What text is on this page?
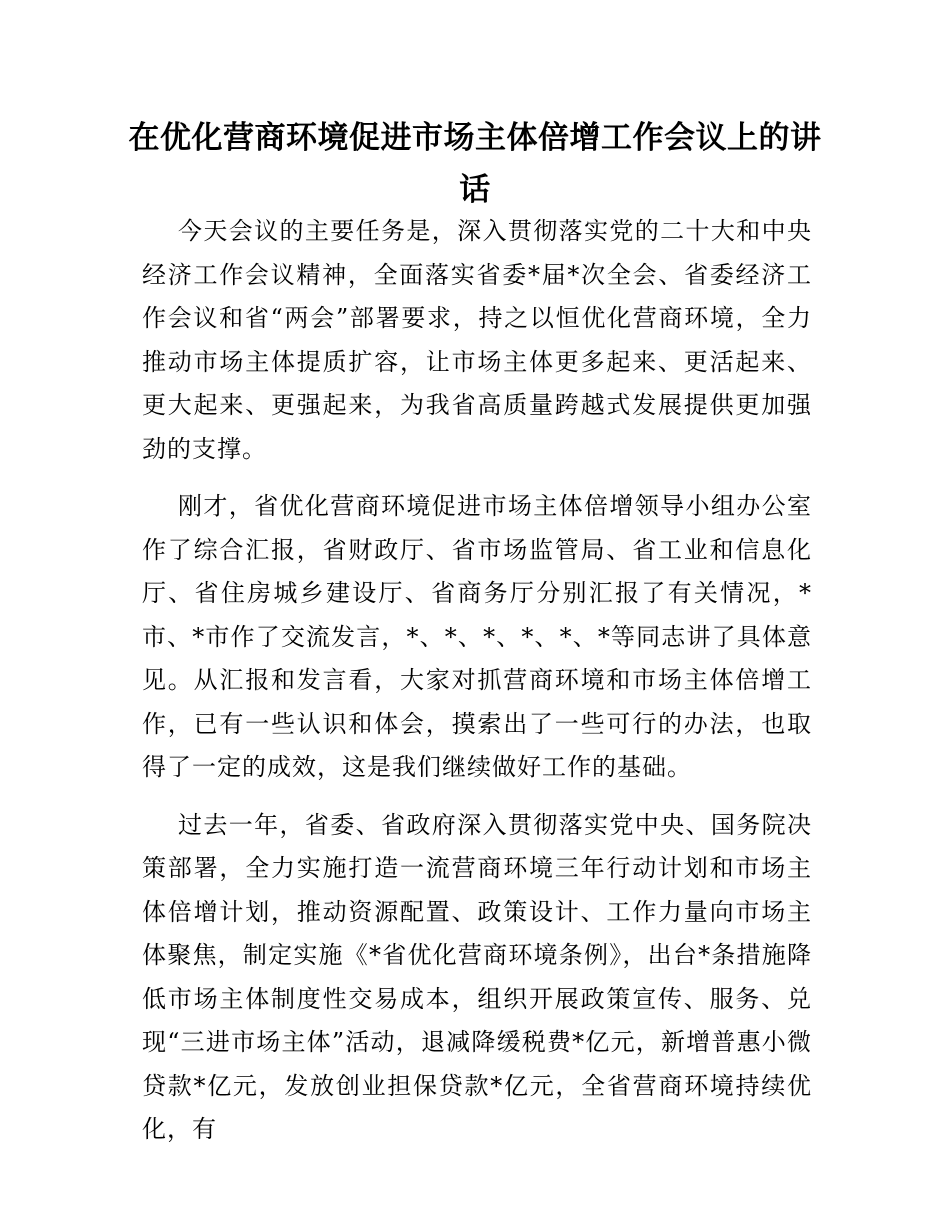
在优化营商环境促进市场主体倍增工作会议上的讲话

今天会议的主要任务是，深入贯彻落实党的二十大和中央经济工作会议精神，全面落实省委*届*次全会、省委经济工作会议和省“两会”部署要求，持之以恒优化营商环境，全力推动市场主体提质扩容，让市场主体更多起来、更活起来、更大起来、更强起来，为我省高质量跨越式发展提供更加强劲的支撑。

刚才，省优化营商环境促进市场主体倍增领导小组办公室作了综合汇报，省财政厅、省市场监管局、省工业和信息化厅、省住房城乡建设厅、省商务厅分别汇报了有关情况，*市、*市作了交流发言，*、*、*、*、*、*等同志讲了具体意见。从汇报和发言看，大家对抓营商环境和市场主体倍增工作，已有一些认识和体会，摸索出了一些可行的办法，也取得了一定的成效，这是我们继续做好工作的基础。

过去一年，省委、省政府深入贯彻落实党中央、国务院决策部署，全力实施打造一流营商环境三年行动计划和市场主体倍增计划，推动资源配置、政策设计、工作力量向市场主体聚焦，制定实施《*省优化营商环境条例》，出台*条措施降低市场主体制度性交易成本，组织开展政策宣传、服务、兑现“三进市场主体”活动，退减降缓税费*亿元，新增普惠小微贷款*亿元，发放创业担保贷款*亿元，全省营商环境持续优化，有
